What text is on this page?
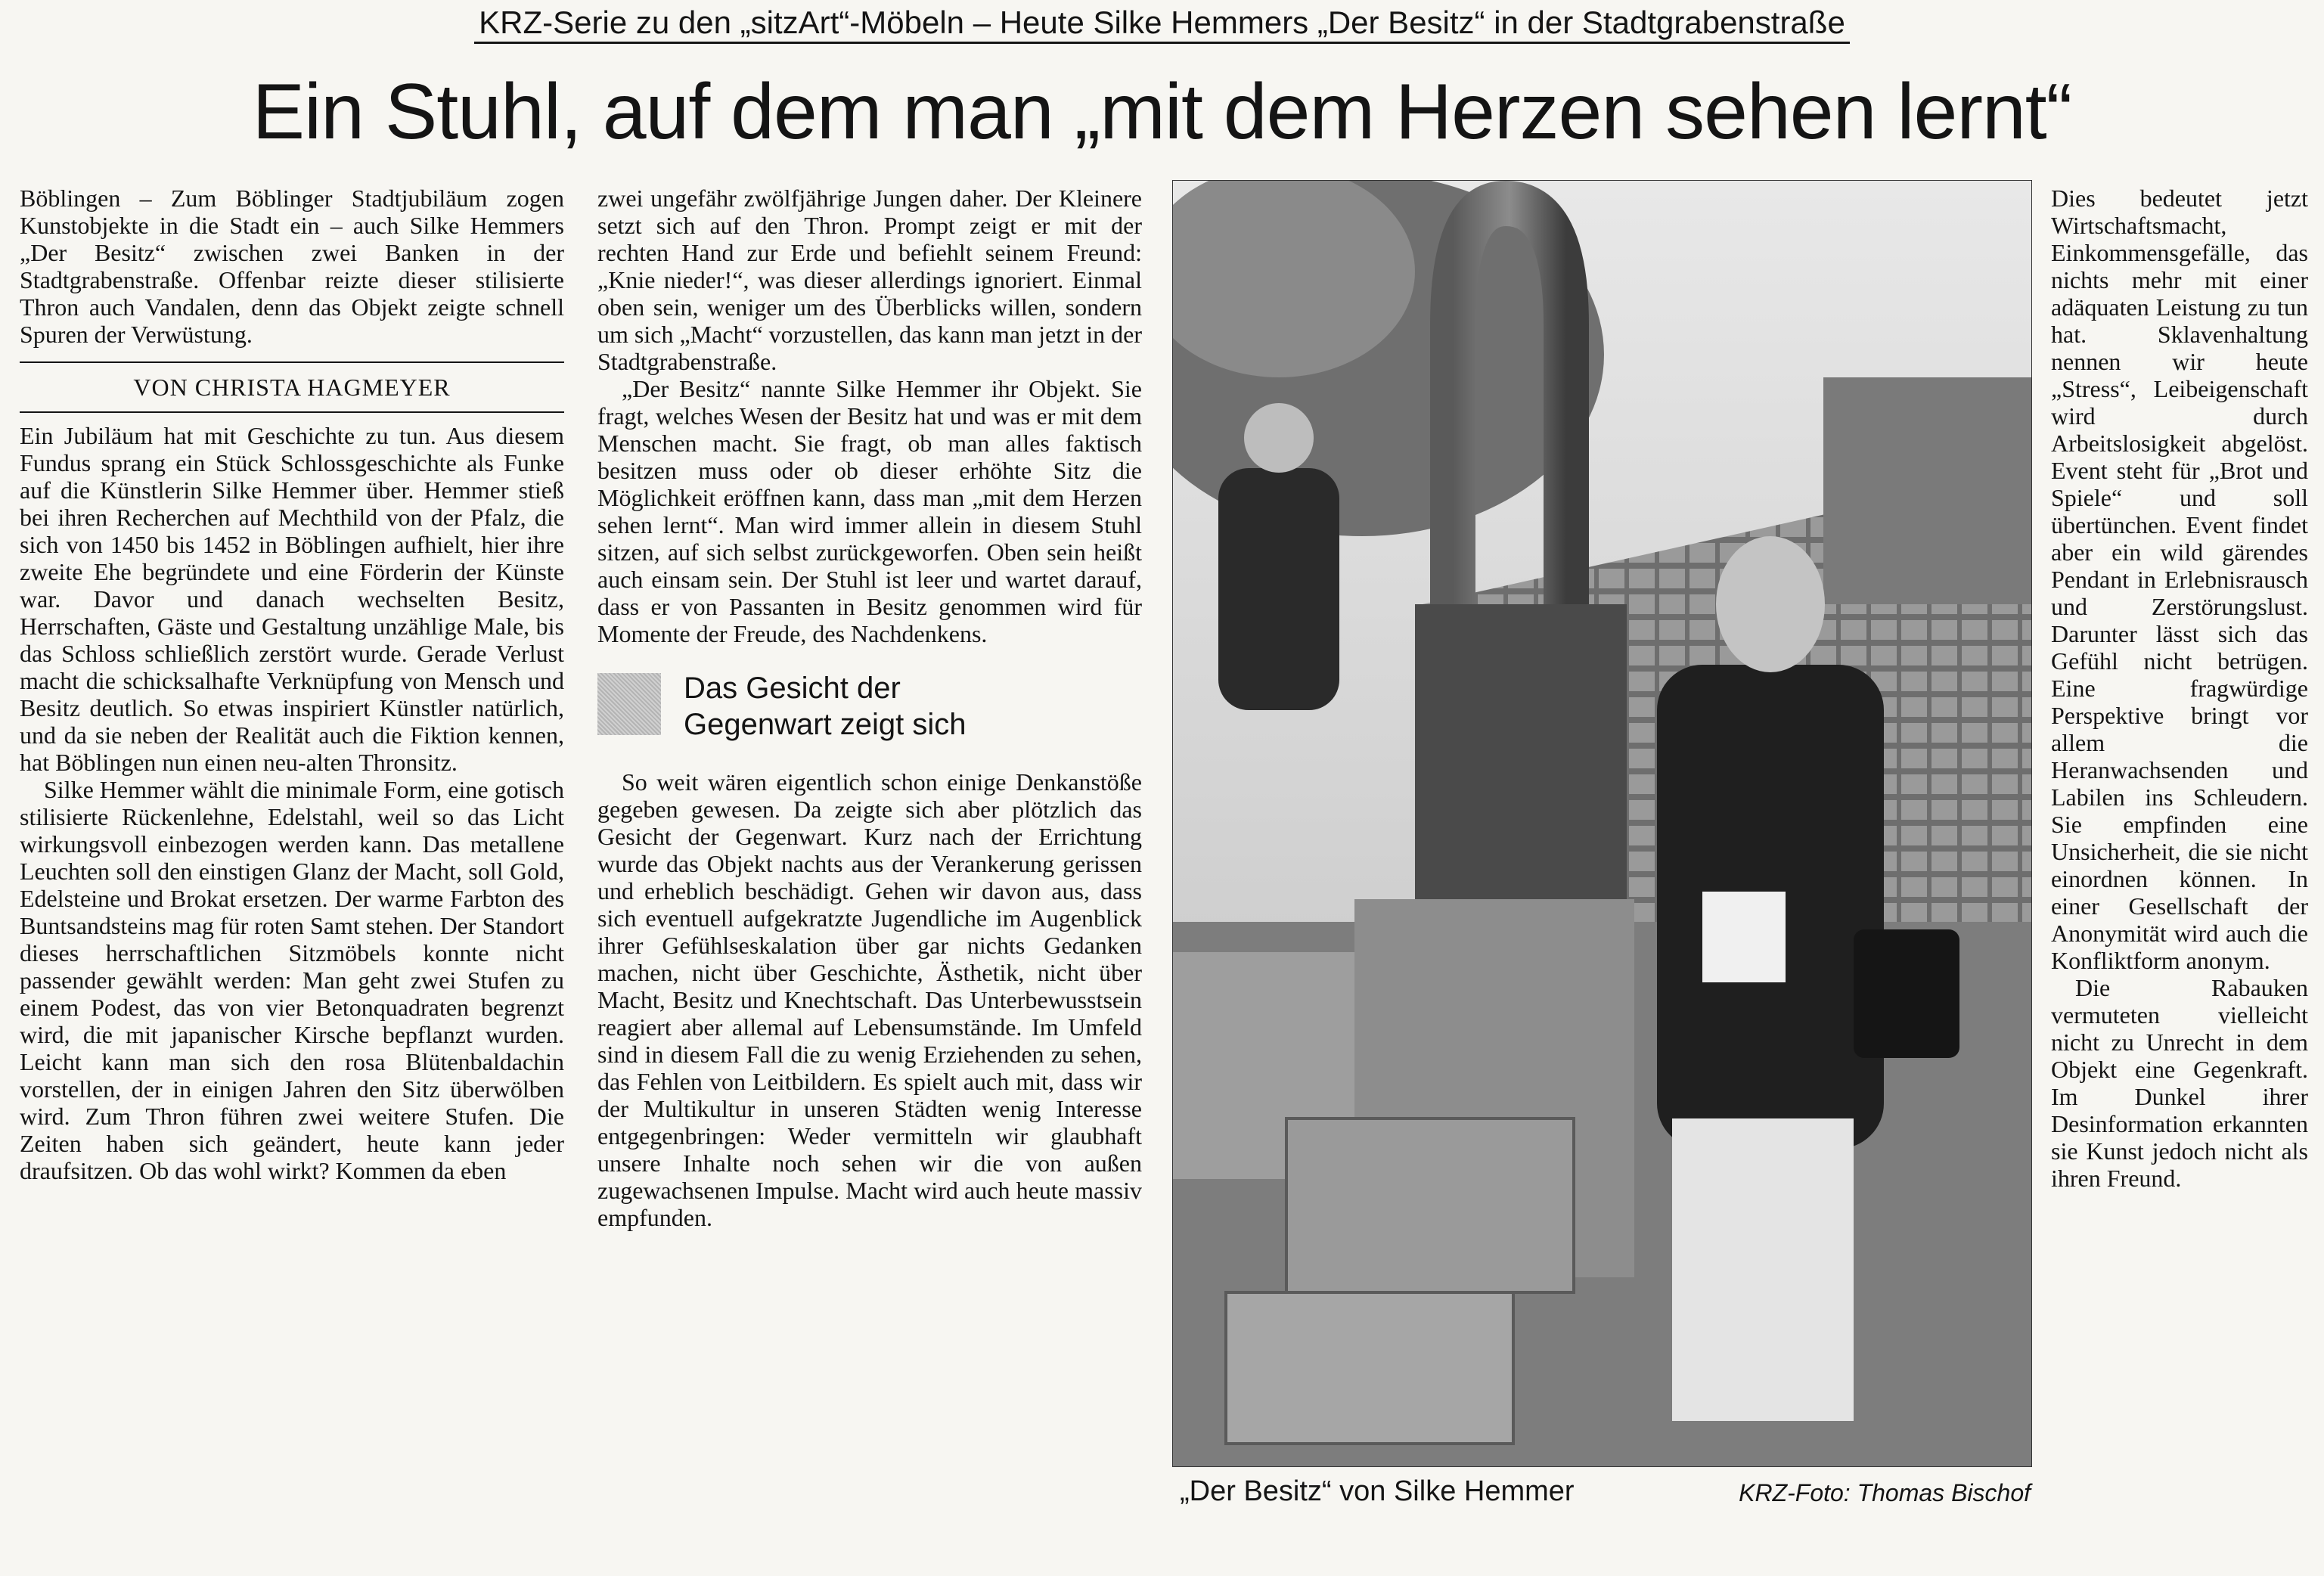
KRZ-Serie zu den „sitzArt“-Möbeln – Heute Silke Hemmers „Der Besitz“ in der Stadtgrabenstraße
Ein Stuhl, auf dem man „mit dem Herzen sehen lernt“

Böblingen – Zum Böblinger Stadtjubiläum zogen Kunstobjekte in die Stadt ein – auch Silke Hemmers „Der Besitz“ zwischen zwei Banken in der Stadtgrabenstraße. Offenbar reizte dieser stilisierte Thron auch Vandalen, denn das Objekt zeigte schnell Spuren der Verwüstung.

VON CHRISTA HAGMEYER

Ein Jubiläum hat mit Geschichte zu tun. Aus diesem Fundus sprang ein Stück Schlossgeschichte als Funke auf die Künstlerin Silke Hemmer über. Hemmer stieß bei ihren Recherchen auf Mechthild von der Pfalz, die sich von 1450 bis 1452 in Böblingen aufhielt, hier ihre zweite Ehe begründete und eine Förderin der Künste war. Davor und danach wechselten Besitz, Herrschaften, Gäste und Gestaltung unzählige Male, bis das Schloss schließlich zerstört wurde. Gerade Verlust macht die schicksalhafte Verknüpfung von Mensch und Besitz deutlich. So etwas inspiriert Künstler natürlich, und da sie neben der Realität auch die Fiktion kennen, hat Böblingen nun einen neu-alten Thronsitz.

Silke Hemmer wählt die minimale Form, eine gotisch stilisierte Rückenlehne, Edelstahl, weil so das Licht wirkungsvoll einbezogen werden kann. Das metallene Leuchten soll den einstigen Glanz der Macht, soll Gold, Edelsteine und Brokat ersetzen. Der warme Farbton des Buntsandsteins mag für roten Samt stehen. Der Standort dieses herrschaftlichen Sitzmöbels konnte nicht passender gewählt werden: Man geht zwei Stufen zu einem Podest, das von vier Betonquadraten begrenzt wird, die mit japanischer Kirsche bepflanzt wurden. Leicht kann man sich den rosa Blütenbaldachin vorstellen, der in einigen Jahren den Sitz überwölben wird. Zum Thron führen zwei weitere Stufen. Die Zeiten haben sich geändert, heute kann jeder draufsitzen. Ob das wohl wirkt? Kommen da eben

zwei ungefähr zwölfjährige Jungen daher. Der Kleinere setzt sich auf den Thron. Prompt zeigt er mit der rechten Hand zur Erde und befiehlt seinem Freund: „Knie nieder!“, was dieser allerdings ignoriert. Einmal oben sein, weniger um des Überblicks willen, sondern um sich „Macht“ vorzustellen, das kann man jetzt in der Stadtgrabenstraße.

„Der Besitz“ nannte Silke Hemmer ihr Objekt. Sie fragt, welches Wesen der Besitz hat und was er mit dem Menschen macht. Sie fragt, ob man alles faktisch besitzen muss oder ob dieser erhöhte Sitz die Möglichkeit eröffnen kann, dass man „mit dem Herzen sehen lernt“. Man wird immer allein in diesem Stuhl sitzen, auf sich selbst zurückgeworfen. Oben sein heißt auch einsam sein. Der Stuhl ist leer und wartet darauf, dass er von Passanten in Besitz genommen wird für Momente der Freude, des Nachdenkens.

Das Gesicht der
Gegenwart zeigt sich

So weit wären eigentlich schon einige Denkanstöße gegeben gewesen. Da zeigte sich aber plötzlich das Gesicht der Gegenwart. Kurz nach der Errichtung wurde das Objekt nachts aus der Verankerung gerissen und erheblich beschädigt. Gehen wir davon aus, dass sich eventuell aufgekratzte Jugendliche im Augenblick ihrer Gefühlseskalation über gar nichts Gedanken machen, nicht über Geschichte, Ästhetik, nicht über Macht, Besitz und Knechtschaft. Das Unterbewusstsein reagiert aber allemal auf Lebensumstände. Im Umfeld sind in diesem Fall die zu wenig Erziehenden zu sehen, das Fehlen von Leitbildern. Es spielt auch mit, dass wir der Multikultur in unseren Städten wenig Interesse entgegenbringen: Weder vermitteln wir glaubhaft unsere Inhalte noch sehen wir die von außen zugewachsenen Impulse. Macht wird auch heute massiv empfunden.

„Der Besitz“ von Silke Hemmer	KRZ-Foto: Thomas Bischof

Dies bedeutet jetzt Wirtschaftsmacht, Einkommensgefälle, das nichts mehr mit einer adäquaten Leistung zu tun hat. Sklavenhaltung nennen wir heute „Stress“, Leibeigenschaft wird durch Arbeitslosigkeit abgelöst. Event steht für „Brot und Spiele“ und soll übertünchen. Event findet aber ein wild gärendes Pendant in Erlebnisrausch und Zerstörungslust. Darunter lässt sich das Gefühl nicht betrügen. Eine fragwürdige Perspektive bringt vor allem die Heranwachsenden und Labilen ins Schleudern. Sie empfinden eine Unsicherheit, die sie nicht einordnen können. In einer Gesellschaft der Anonymität wird auch die Konfliktform anonym.

Die Rabauken vermuteten vielleicht nicht zu Unrecht in dem Objekt eine Gegenkraft. Im Dunkel ihrer Desinformation erkannten sie Kunst jedoch nicht als ihren Freund.
